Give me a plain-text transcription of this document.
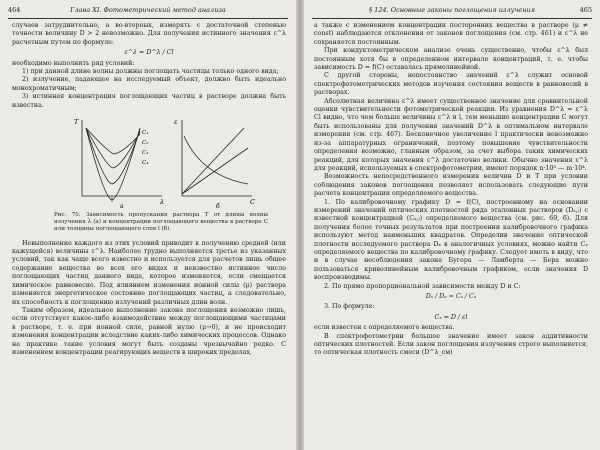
464	Глава XI. Фотометрический метод анализа

случаев затруднительно, а во-второых, измерять с достаточной степенью точности величину D > 2 невозможно. Для получения истинного значения ε^λ расчетным путем по формуле:

ε^λ = D^λ / Cl

необходимо выполнить ряд условий:

1) при данной длине волны должны поглощать частицы только одного вида;

2) излучение, падающее на исследуемый объект, должно быть идеально монохроматичным;

3) истинная концентрация поглощающих частиц в растворе должна быть известна.

T
λ
ε
C
C₁
C₂
C₃
C₄
a	б
Рис. 70. Зависимость пропускания раствора T от длины волны излучения λ (а) и концентрации поглощающего вещества в растворе C или толщины поглощающего слоя l (б).

Невыполнение каждого из этих условий приводит к получению средней (или кажущейся) величины ε^λ. Наиболее трудно выполняется третье из указанных условий, так как чаще всего известно и используется для расчетов лишь общее содержание вещества во всех его видах и неизвестно истинное число поглощающих частиц данного вида, которое изменяется, если смещается химическое равновесие. Под влиянием изменения ионной силы (μ) раствора изменяется энергетическое состояние поглощающих частиц, а следовательно, их способность к поглощению излучений различных длин волн.

Таким образом, идеальное выполнение закона поглощения возможно лишь, если отсутствует какое-либо взаимодействие между поглощающими частицами в растворе, т. е. при ионной силе, равной нулю (μ→0), и не происходит изменения концентрации вследствие каких-либо химических процессов. Однако на практике такие условия могут быть созданы чрезвычайно редко. С изменением концентрации реагирующих веществ в широких пределах,

§ 124. Основные законы поглощения излучения	465

а также с изменением концентрации посторонних вещества в растворе (μ ≠ const) наблюдаются отклонения от законов поглощения (см. стр. 461) и ε^λ не сохраняется постоянным.

При кондуктометрическом анализе очень существенно, чтобы ε^λ был постоянным хотя бы в определенном интервале концентраций, т. е. чтобы зависимость D = f(C) оставалась прямолинейной.

С другой стороны, непостоянство значений ε^λ служит основой спектрофотометрических методов изучения состояния веществ в равновесий в растворах.

Абсолютная величина ε^λ имеет существенное значение для сравнительной оценки чувствительности фотометрической реакции. Из уравнения D^λ = ε^λ Cl видно, что чем больше величины ε^λ и l, тем меньшие концентрации C могут быть использованы для получения значений D^λ в оптимальном интервале измерения (см. стр. 467). Бесконечное увеличение l практически невозможно из-за аппаратурных ограничений, поэтому повышение чувствительности определения возможно, главным образом, за счет выбора таких химических реакций, для которых значения ε^λ достаточно велики. Обычно значения ε^λ для реакций, используемых в спектрофотометрии, имеют порядок n·10³ — m·10⁴.

Возможность непосредственного измерения величин D и T при условии соблюдения законов поглощения позволяет использовать следующие пути расчета концентрации определяемого вещества.

1. По калибровочному графику D = f(C), построенному на основании измерений значений оптических плотностей ряда эталонных растворов (Dₐ,ᵢ) с известной концентрацией (Cₐ,ᵢ) определяемого вещества (см. рис. 69, б). Для получения более точных результатов при построении калибровочного графика используют метод наименьших квадратов. Определив значение оптической плотности исследуемого раствора Dₓ в аналогичных условиях, можно найти Cₓ определяемого вещества по калибровочному графику. Следует иметь в виду, что и в случае несоблюдения закона Бугера — Ламберта — Бера можно пользоваться криволинейным калибровочным графиком, если значения D воспроизводимы.

2. По прямо пропорциональной зависимости между D и C:

Dₓ / Dₐ = Cₓ / Cₐ

3. По формуле:

Cₓ = D / εl

если известен ε определяемого вещества.

В спектрофотометрии большое значение имеет закон аддитивности оптических плотностей. Если закон поглощения излучения строго выполняется, то оптическая плотность смеси (D^λ_см)
